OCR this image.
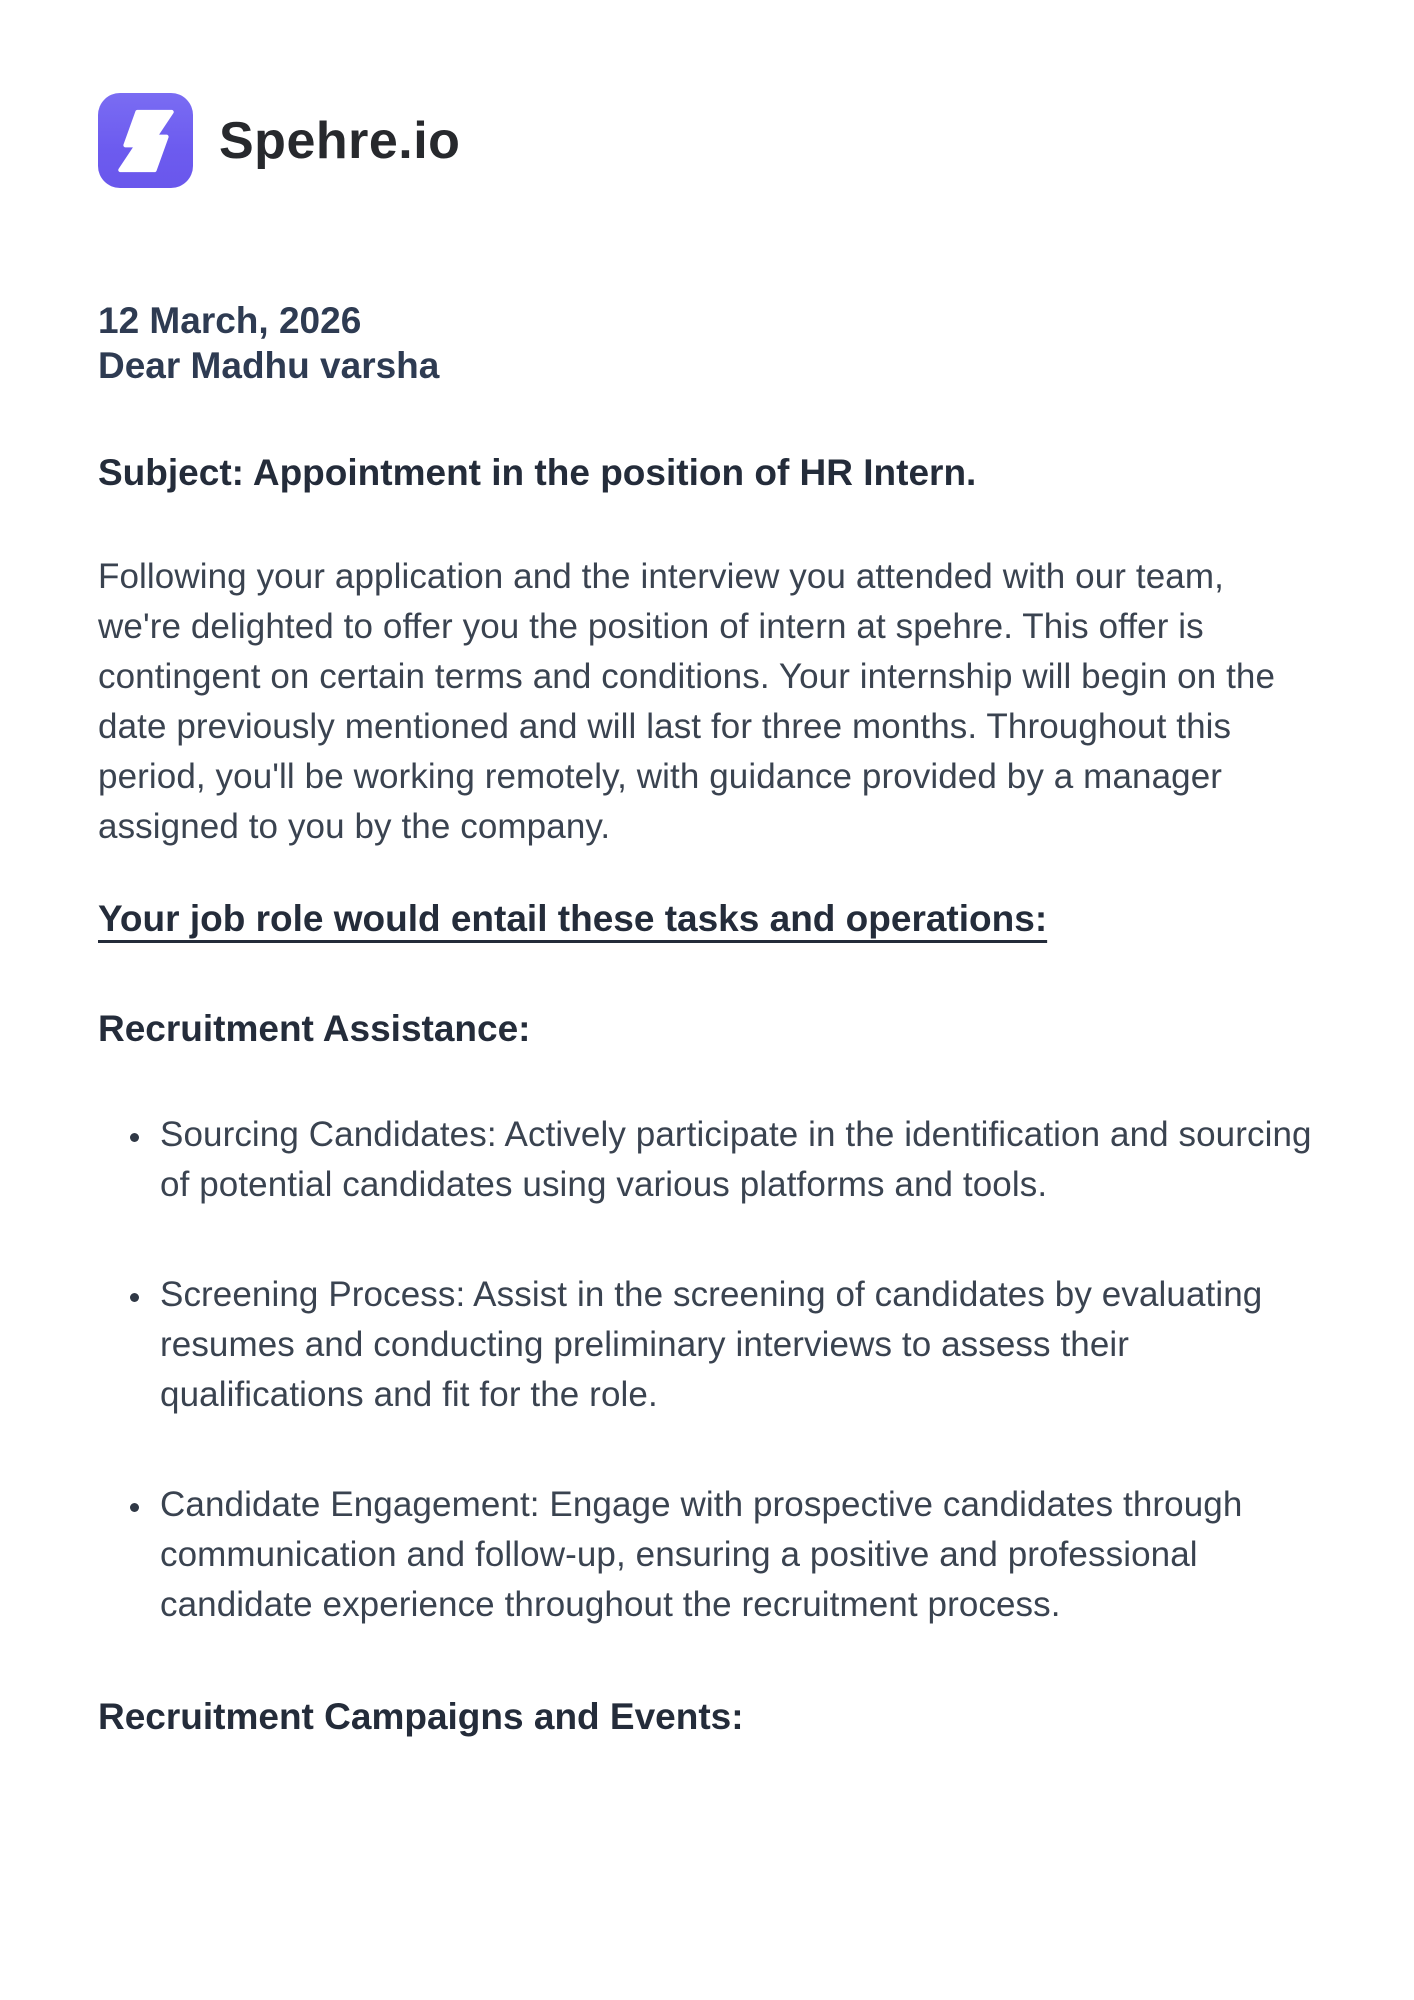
Spehre.io

12 March, 2026

Dear Madhu varsha

Subject: Appointment in the position of HR Intern.

Following your application and the interview you attended with our team, we're delighted to offer you the position of intern at spehre. This offer is contingent on certain terms and conditions. Your internship will begin on the date previously mentioned and will last for three months. Throughout this period, you'll be working remotely, with guidance provided by a manager assigned to you by the company.

Your job role would entail these tasks and operations:
Recruitment Assistance:
• Sourcing Candidates: Actively participate in the identification and sourcing of potential candidates using various platforms and tools.
• Screening Process: Assist in the screening of candidates by evaluating resumes and conducting preliminary interviews to assess their qualifications and fit for the role.
• Candidate Engagement: Engage with prospective candidates through communication and follow-up, ensuring a positive and professional candidate experience throughout the recruitment process.
Recruitment Campaigns and Events:
